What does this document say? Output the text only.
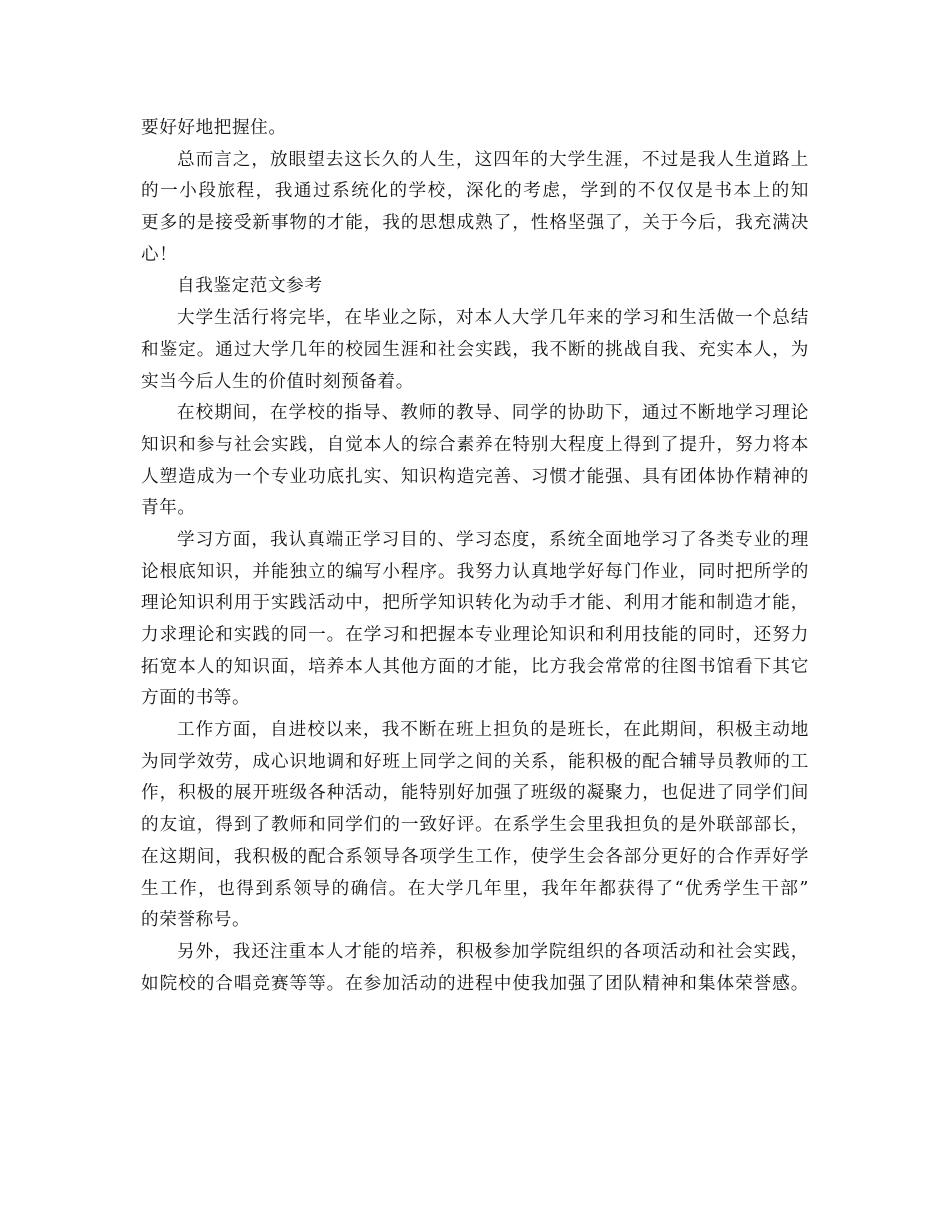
要好好地把握住。
总而言之，放眼望去这长久的人生，这四年的大学生涯，不过是我人生道路上
的一小段旅程，我通过系统化的学校，深化的考虑，学到的不仅仅是书本上的知
更多的是接受新事物的才能，我的思想成熟了，性格坚强了，关于今后，我充满决
心！
自我鉴定范文参考
大学生活行将完毕，在毕业之际，对本人大学几年来的学习和生活做一个总结
和鉴定。通过大学几年的校园生涯和社会实践，我不断的挑战自我、充实本人，为
实当今后人生的价值时刻预备着。
在校期间，在学校的指导、教师的教导、同学的协助下，通过不断地学习理论
知识和参与社会实践，自觉本人的综合素养在特别大程度上得到了提升，努力将本
人塑造成为一个专业功底扎实、知识构造完善、习惯才能强、具有团体协作精神的
青年。
学习方面，我认真端正学习目的、学习态度，系统全面地学习了各类专业的理
论根底知识，并能独立的编写小程序。我努力认真地学好每门作业，同时把所学的
理论知识利用于实践活动中，把所学知识转化为动手才能、利用才能和制造才能，
力求理论和实践的同一。在学习和把握本专业理论知识和利用技能的同时，还努力
拓宽本人的知识面，培养本人其他方面的才能，比方我会常常的往图书馆看下其它
方面的书等。
工作方面，自进校以来，我不断在班上担负的是班长，在此期间，积极主动地
为同学效劳，成心识地调和好班上同学之间的关系，能积极的配合辅导员教师的工
作，积极的展开班级各种活动，能特别好加强了班级的凝聚力，也促进了同学们间
的友谊，得到了教师和同学们的一致好评。在系学生会里我担负的是外联部部长，
在这期间，我积极的配合系领导各项学生工作，使学生会各部分更好的合作弄好学
生工作，也得到系领导的确信。在大学几年里，我年年都获得了“优秀学生干部”
的荣誉称号。
另外，我还注重本人才能的培养，积极参加学院组织的各项活动和社会实践，
如院校的合唱竞赛等等。在参加活动的进程中使我加强了团队精神和集体荣誉感。
